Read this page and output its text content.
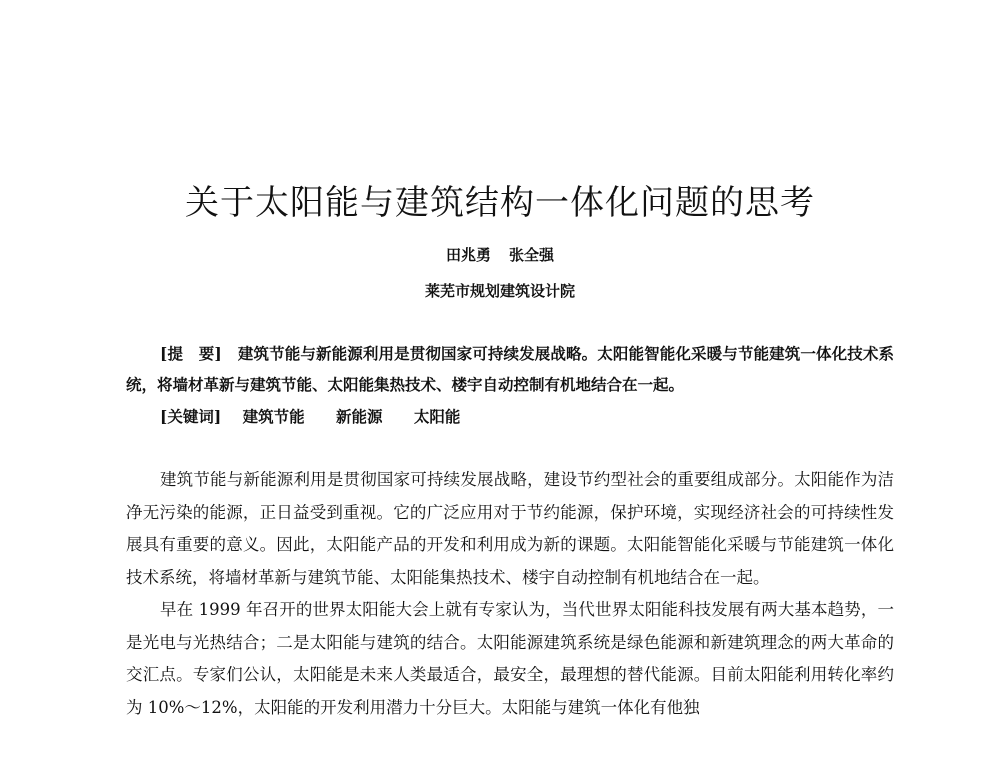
关于太阳能与建筑结构一体化问题的思考
田兆勇 张全强
莱芜市规划建筑设计院
[提　要] 建筑节能与新能源利用是贯彻国家可持续发展战略。太阳能智能化采暖与节能建筑一体化技术系统，将墙材革新与建筑节能、太阳能集热技术、楼宇自动控制有机地结合在一起。
[关键词] 建筑节能 新能源 太阳能

建筑节能与新能源利用是贯彻国家可持续发展战略，建设节约型社会的重要组成部分。太阳能作为洁净无污染的能源，正日益受到重视。它的广泛应用对于节约能源，保护环境，实现经济社会的可持续性发展具有重要的意义。因此，太阳能产品的开发和利用成为新的课题。太阳能智能化采暖与节能建筑一体化技术系统，将墙材革新与建筑节能、太阳能集热技术、楼宇自动控制有机地结合在一起。

早在 1999 年召开的世界太阳能大会上就有专家认为，当代世界太阳能科技发展有两大基本趋势，一是光电与光热结合；二是太阳能与建筑的结合。太阳能源建筑系统是绿色能源和新建筑理念的两大革命的交汇点。专家们公认，太阳能是未来人类最适合，最安全，最理想的替代能源。目前太阳能利用转化率约为 10%～12%，太阳能的开发利用潜力十分巨大。太阳能与建筑一体化有他独
